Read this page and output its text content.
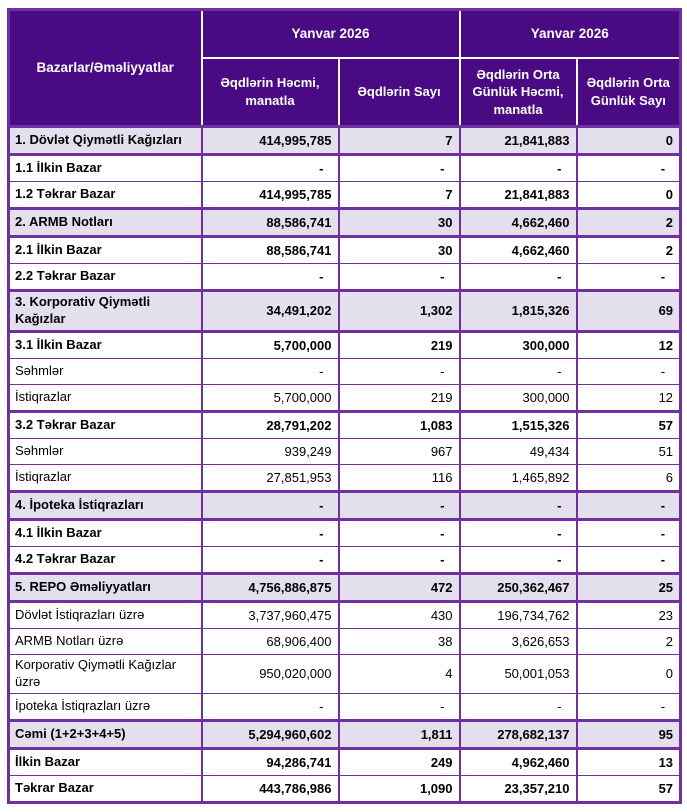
Bazarlar/Əməliyyatlar	Yanvar 2026		Yanvar 2026	
	Əqdlərin Həcmi, manatla	Əqdlərin Sayı	Əqdlərin Orta Günlük Həcmi, manatla	Əqdlərin Orta Günlük Sayı
1. Dövlət Qiymətli Kağızları	414,995,785	7	21,841,883	0
1.1 İlkin Bazar	-	-	-	-
1.2 Təkrar Bazar	414,995,785	7	21,841,883	0
2. ARMB Notları	88,586,741	30	4,662,460	2
2.1 İlkin Bazar	88,586,741	30	4,662,460	2
2.2 Təkrar Bazar	-	-	-	-
3. Korporativ Qiymətli Kağızlar	34,491,202	1,302	1,815,326	69
3.1 İlkin Bazar	5,700,000	219	300,000	12
Səhmlər	-	-	-	-
İstiqrazlar	5,700,000	219	300,000	12
3.2 Təkrar Bazar	28,791,202	1,083	1,515,326	57
Səhmlər	939,249	967	49,434	51
İstiqrazlar	27,851,953	116	1,465,892	6
4. İpoteka İstiqrazları	-	-	-	-
4.1 İlkin Bazar	-	-	-	-
4.2 Təkrar Bazar	-	-	-	-
5. REPO Əməliyyatları	4,756,886,875	472	250,362,467	25
Dövlət İstiqrazları üzrə	3,737,960,475	430	196,734,762	23
ARMB Notları üzrə	68,906,400	38	3,626,653	2
Korporativ Qiymətli Kağızlar üzrə	950,020,000	4	50,001,053	0
İpoteka İstiqrazları üzrə	-	-	-	-
Cəmi (1+2+3+4+5)	5,294,960,602	1,811	278,682,137	95
İlkin Bazar	94,286,741	249	4,962,460	13
Təkrar Bazar	443,786,986	1,090	23,357,210	57
